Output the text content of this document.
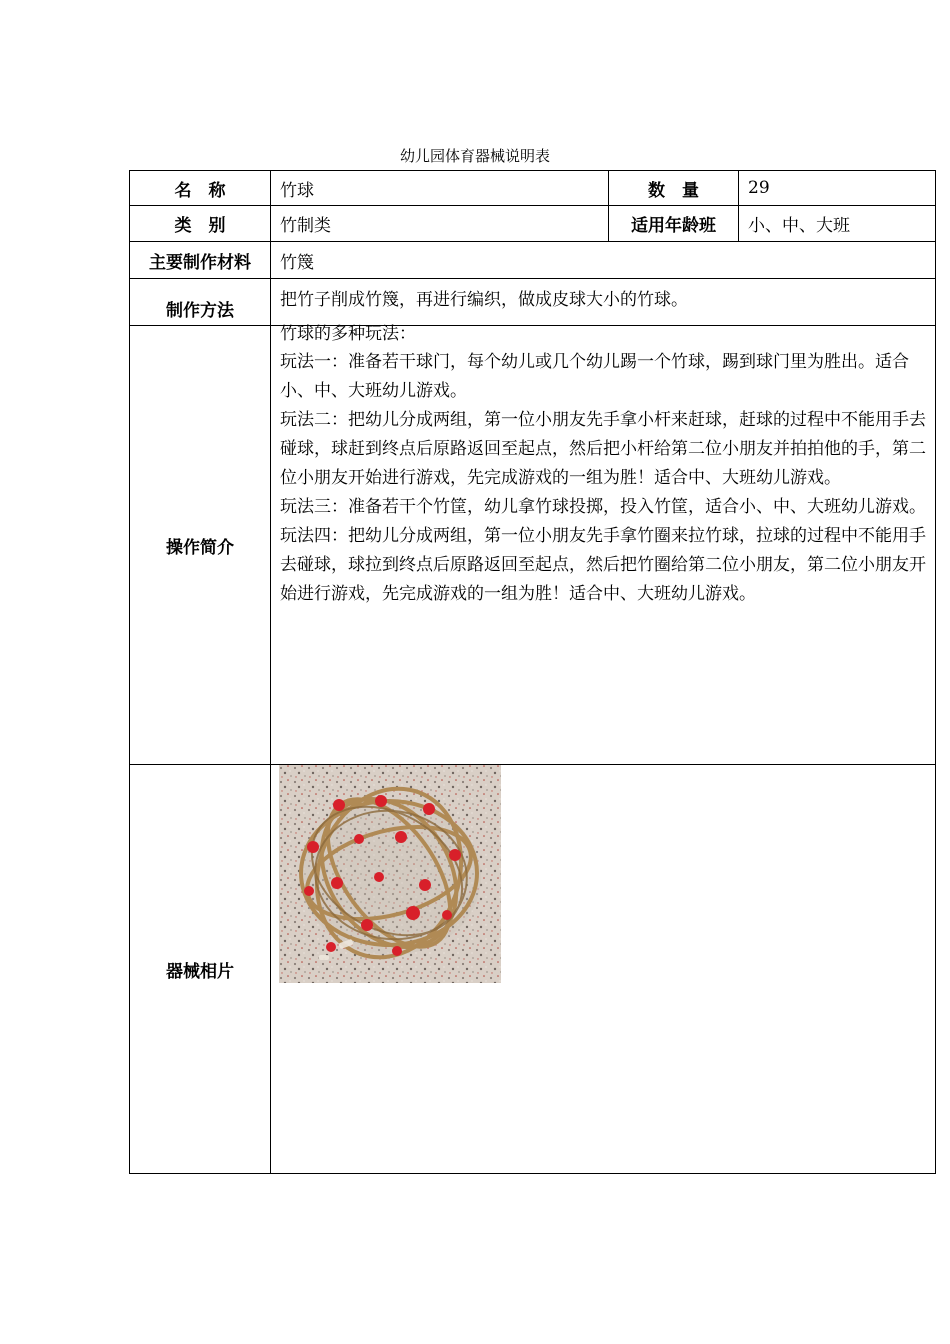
幼儿园体育器械说明表
名　称	竹球	数　量	29
类　别	竹制类	适用年龄班	小、中、大班
主要制作材料	竹篾		
制作方法	把竹子削成竹篾，再进行编织，做成皮球大小的竹球。		
操作简介	竹球的多种玩法：

玩法一：准备若干球门，每个幼儿或几个幼儿踢一个竹球，踢到球门里为胜出。适合小、中、大班幼儿游戏。

玩法二：把幼儿分成两组，第一位小朋友先手拿小杆来赶球，赶球的过程中不能用手去碰球，球赶到终点后原路返回至起点，然后把小杆给第二位小朋友并拍拍他的手，第二位小朋友开始进行游戏，先完成游戏的一组为胜！适合中、大班幼儿游戏。

玩法三：准备若干个竹筐，幼儿拿竹球投掷，投入竹筐，适合小、中、大班幼儿游戏。

玩法四：把幼儿分成两组，第一位小朋友先手拿竹圈来拉竹球，拉球的过程中不能用手去碰球，球拉到终点后原路返回至起点，然后把竹圈给第二位小朋友，第二位小朋友开始进行游戏，先完成游戏的一组为胜！适合中、大班幼儿游戏。		

器械相片	
